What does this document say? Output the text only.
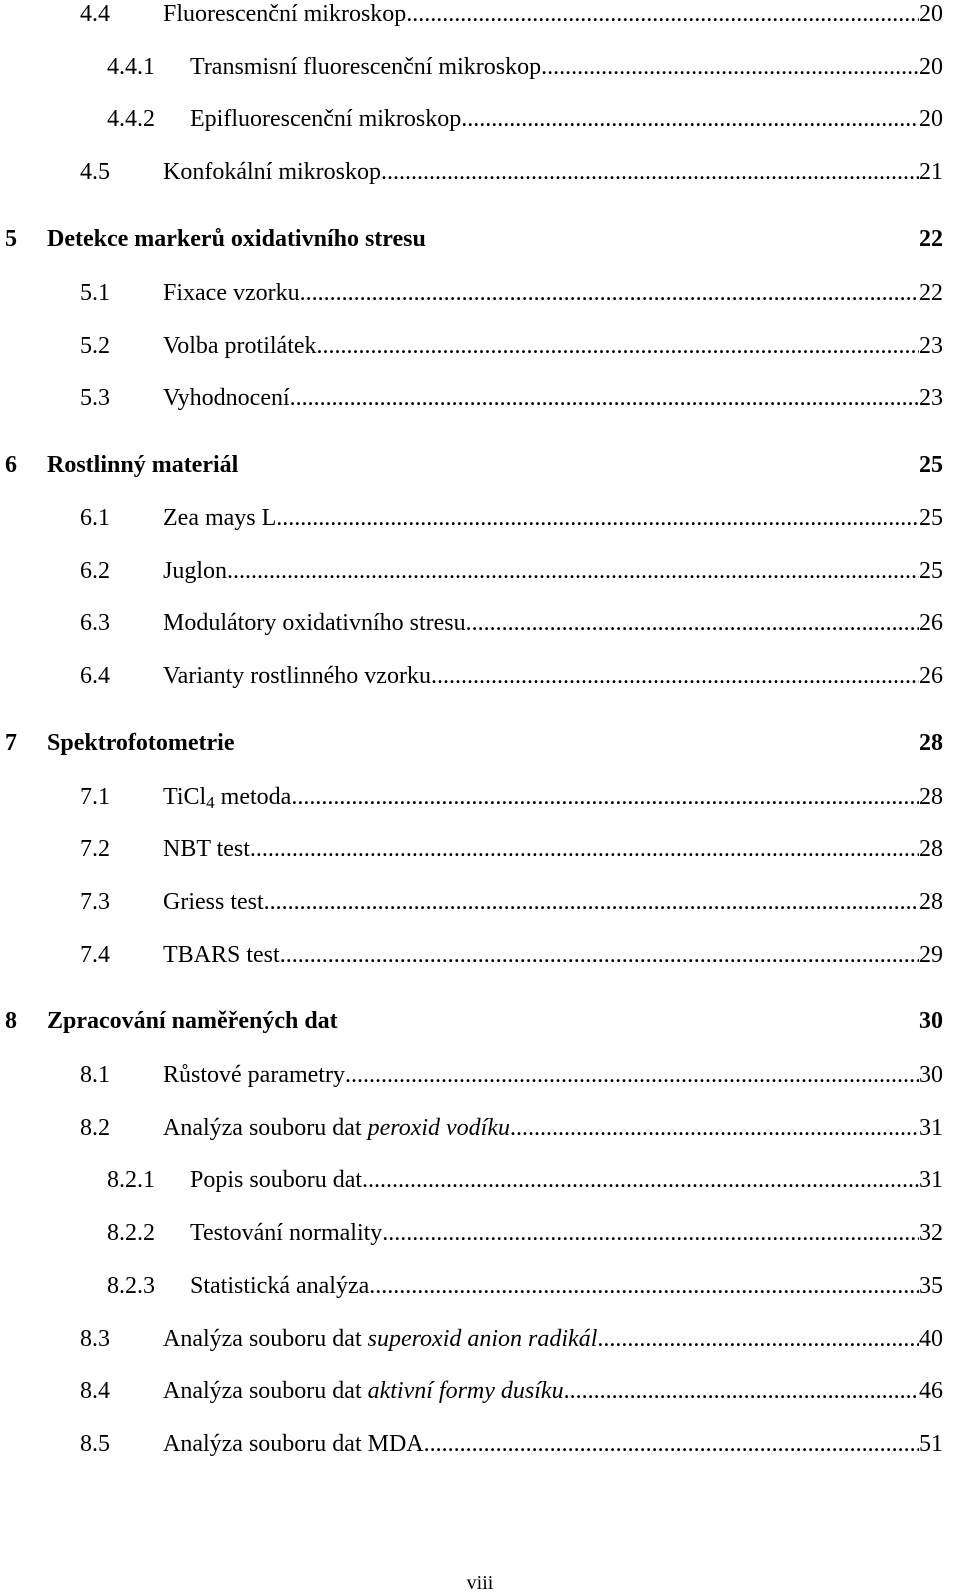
4.4 Fluorescenční mikroskop .....	20
4.4.1 Transmisní fluorescenční mikroskop .....	20
4.4.2 Epifluorescenční mikroskop .....	20
4.5 Konfokální mikroskop .....	21
5 Detekce markerů oxidativního stresu	22
5.1 Fixace vzorku .....	22
5.2 Volba protilátek .....	23
5.3 Vyhodnocení .....	23
6 Rostlinný materiál	25
6.1 Zea mays L. .....	25
6.2 Juglon .....	25
6.3 Modulátory oxidativního stresu .....	26
6.4 Varianty rostlinného vzorku .....	26
7 Spektrofotometrie	28
7.1 TiCl$_4$ metoda .....	28
7.2 NBT test .....	28
7.3 Griess test .....	28
7.4 TBARS test .....	29
8 Zpracování naměřených dat	30
8.1 Růstové parametry .....	30
8.2 Analýza souboru dat peroxid vodíku .....	31
8.2.1 Popis souboru dat .....	31
8.2.2 Testování normality .....	32
8.2.3 Statistická analýza .....	35
8.3 Analýza souboru dat superoxid anion radikál .....	40
8.4 Analýza souboru dat aktivní formy dusíku .....	46
8.5 Analýza souboru dat MDA .....	51
viii
